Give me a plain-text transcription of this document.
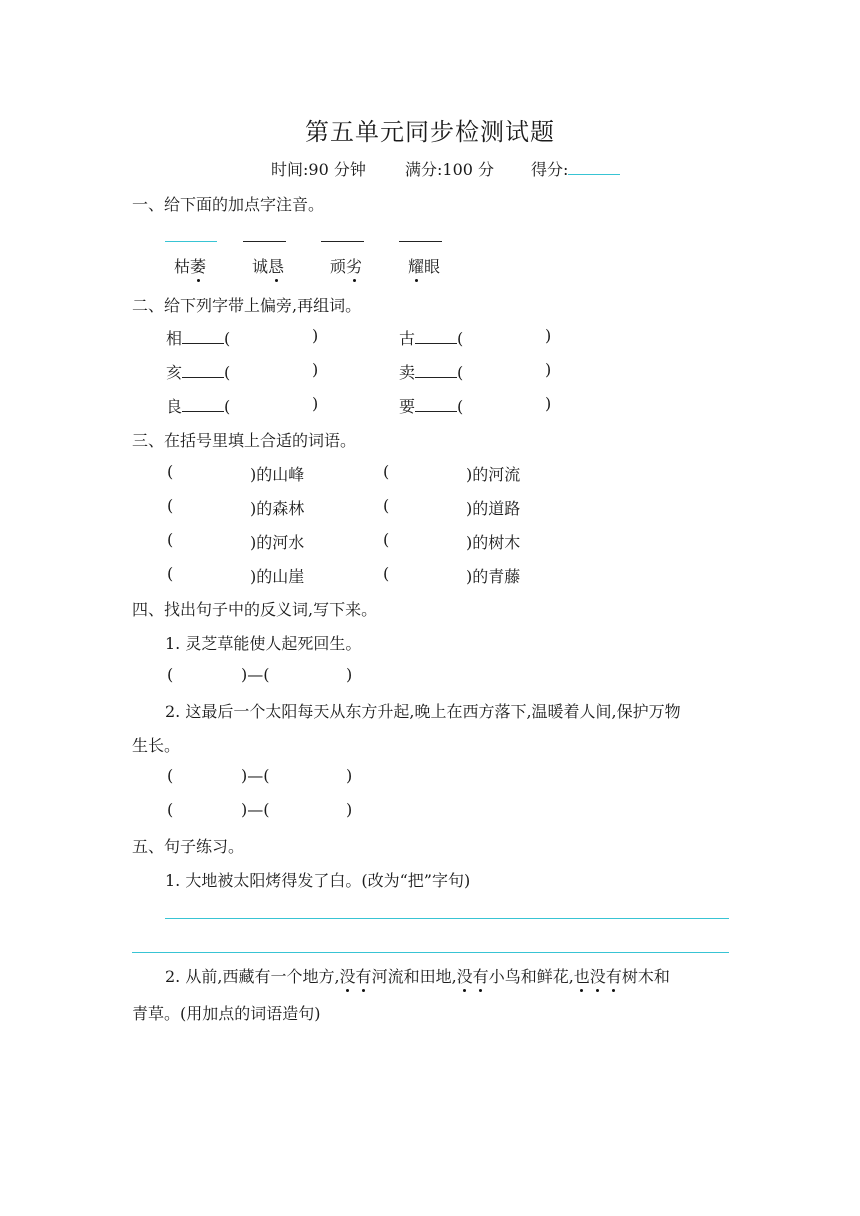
第五单元同步检测试题
时间:90 分钟 满分:100 分 得分:
一、给下面的加点字注音。
枯萎	诚恳	顽劣	耀眼
二、给下列字带上偏旁,再组词。
相	(	)	古	(	)
亥	(	)	卖	(	)
良	(	)	要	(	)
三、在括号里填上合适的词语。
(	)的山峰	(	)的河流
(	)的森林	(	)的道路
(	)的河水	(	)的树木
(	)的山崖	(	)的青藤
四、找出句子中的反义词,写下来。
1. 灵芝草能使人起死回生。
(	)—(	)
2. 这最后一个太阳每天从东方升起,晚上在西方落下,温暖着人间,保护万物
生长。
(	)—(	)
(	)—(	)
五、句子练习。
1. 大地被太阳烤得发了白。(改为“把”字句)
2. 从前,西藏有一个地方,没有河流和田地,没有小鸟和鲜花,也没有树木和
青草。(用加点的词语造句)
